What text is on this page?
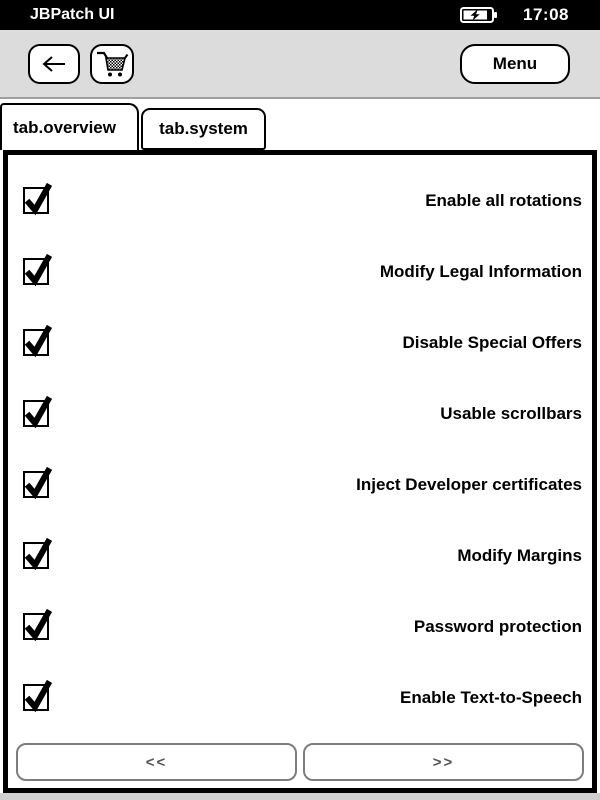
JBPatch UI	17:08
Menu
tab.overview	tab.system
Enable all rotations
Modify Legal Information
Disable Special Offers
Usable scrollbars
Inject Developer certificates
Modify Margins
Password protection
Enable Text-to-Speech
<<	>>
